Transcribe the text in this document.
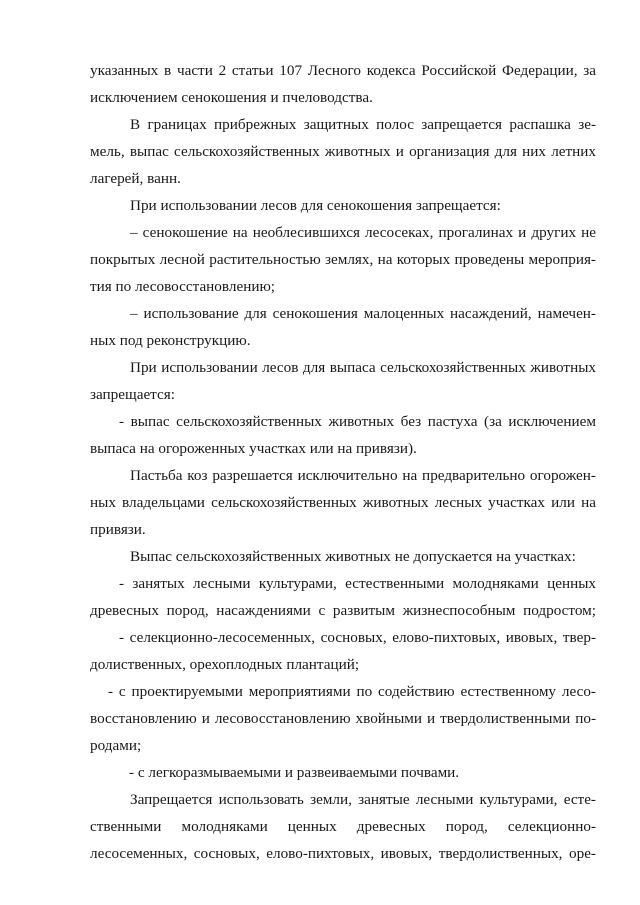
указанных в части 2 статьи 107 Лесного кодекса Российской Федерации, за
исключением сенокошения и пчеловодства.
В границах прибрежных защитных полос запрещается распашка зе-
мель, выпас сельскохозяйственных животных и организация для них летних
лагерей, ванн.
При использовании лесов для сенокошения запрещается:
– сенокошение на необлесившихся лесосеках, прогалинах и других не
покрытых лесной растительностью землях, на которых проведены мероприя-
тия по лесовосстановлению;
– использование для сенокошения малоценных насаждений, намечен-
ных под реконструкцию.
При использовании лесов для выпаса сельскохозяйственных животных
запрещается:
- выпас сельскохозяйственных животных без пастуха (за исключением
выпаса на огороженных участках или на привязи).
Пастьба коз разрешается исключительно на предварительно огорожен-
ных владельцами сельскохозяйственных животных лесных участках или на
привязи.
Выпас сельскохозяйственных животных не допускается на участках:
- занятых лесными культурами, естественными молодняками ценных
древесных пород, насаждениями с развитым жизнеспособным подростом;
- селекционно-лесосеменных, сосновых, елово-пихтовых, ивовых, твер-
долиственных, орехоплодных плантаций;
- с проектируемыми мероприятиями по содействию естественному лесо-
восстановлению и лесовосстановлению хвойными и твердолиственными по-
родами;
- с легкоразмываемыми и развеиваемыми почвами.
Запрещается использовать земли, занятые лесными культурами, есте-
ственными молодняками ценных древесных пород, селекционно-
лесосеменных, сосновых, елово-пихтовых, ивовых, твердолиственных, оре-
